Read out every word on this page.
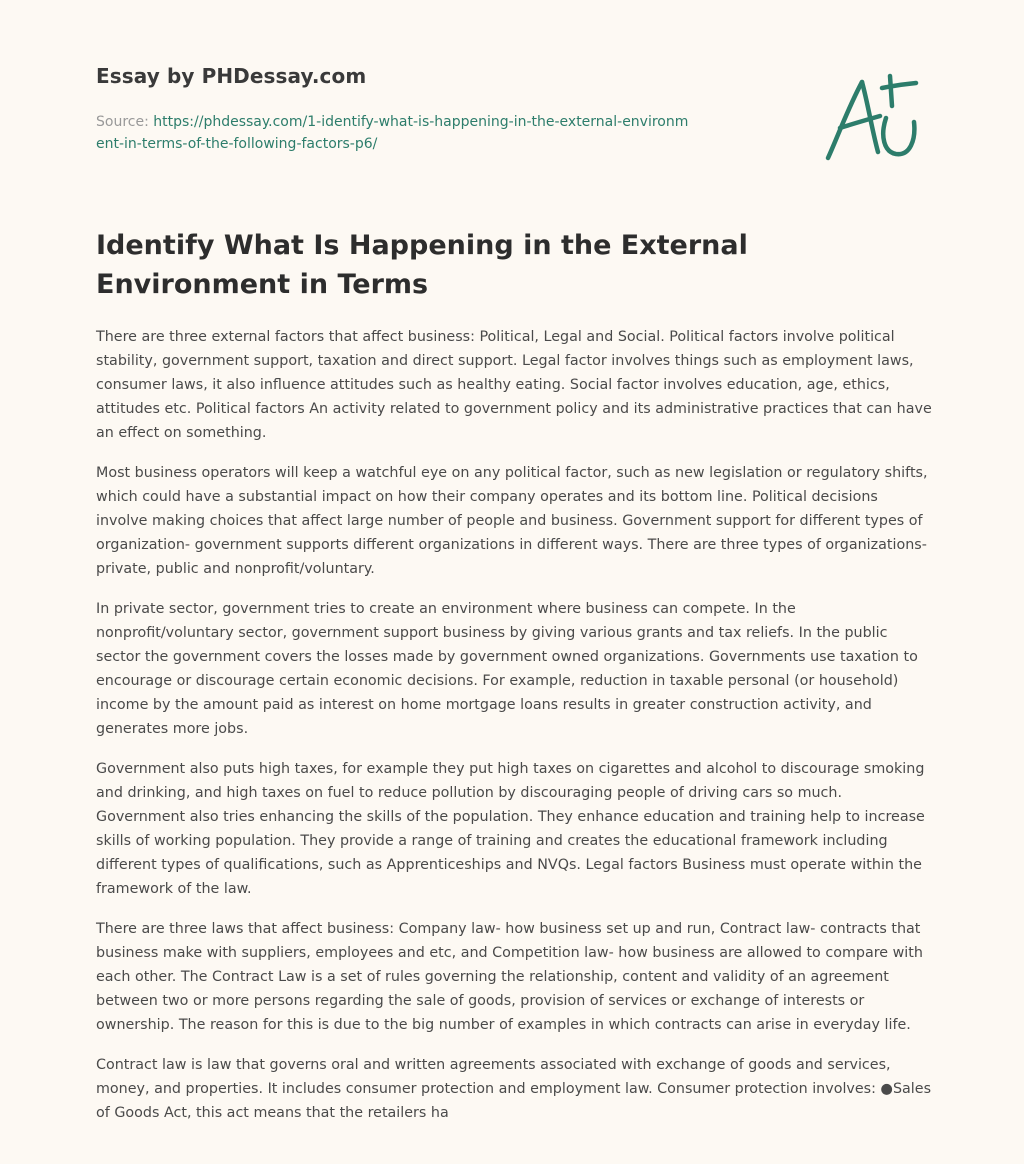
Essay by PHDessay.com
Source: https://phdessay.com/1-identify-what-is-happening-in-the-external-environment-in-terms-of-the-following-factors-p6/
Identify What Is Happening in the External Environment in Terms

There are three external factors that affect business: Political, Legal and Social. Political factors involve political stability, government support, taxation and direct support. Legal factor involves things such as employment laws, consumer laws, it also influence attitudes such as healthy eating. Social factor involves education, age, ethics, attitudes etc. Political factors An activity related to government policy and its administrative practices that can have an effect on something.

Most business operators will keep a watchful eye on any political factor, such as new legislation or regulatory shifts, which could have a substantial impact on how their company operates and its bottom line. Political decisions involve making choices that affect large number of people and business. Government support for different types of organization- government supports different organizations in different ways. There are three types of organizations- private, public and nonprofit/voluntary.

In private sector, government tries to create an environment where business can compete. In the nonprofit/voluntary sector, government support business by giving various grants and tax reliefs. In the public sector the government covers the losses made by government owned organizations. Governments use taxation to encourage or discourage certain economic decisions. For example, reduction in taxable personal (or household) income by the amount paid as interest on home mortgage loans results in greater construction activity, and generates more jobs.

Government also puts high taxes, for example they put high taxes on cigarettes and alcohol to discourage smoking and drinking, and high taxes on fuel to reduce pollution by discouraging people of driving cars so much. Government also tries enhancing the skills of the population. They enhance education and training help to increase skills of working population. They provide a range of training and creates the educational framework including different types of qualifications, such as Apprenticeships and NVQs. Legal factors Business must operate within the framework of the law.

There are three laws that affect business: Company law- how business set up and run, Contract law- contracts that business make with suppliers, employees and etc, and Competition law- how business are allowed to compare with each other. The Contract Law is a set of rules governing the relationship, content and validity of an agreement between two or more persons regarding the sale of goods, provision of services or exchange of interests or ownership. The reason for this is due to the big number of examples in which contracts can arise in everyday life.

Contract law is law that governs oral and written agreements associated with exchange of goods and services, money, and properties. It includes consumer protection and employment law. Consumer protection involves: ●Sales of Goods Act, this act means that the retailers ha
